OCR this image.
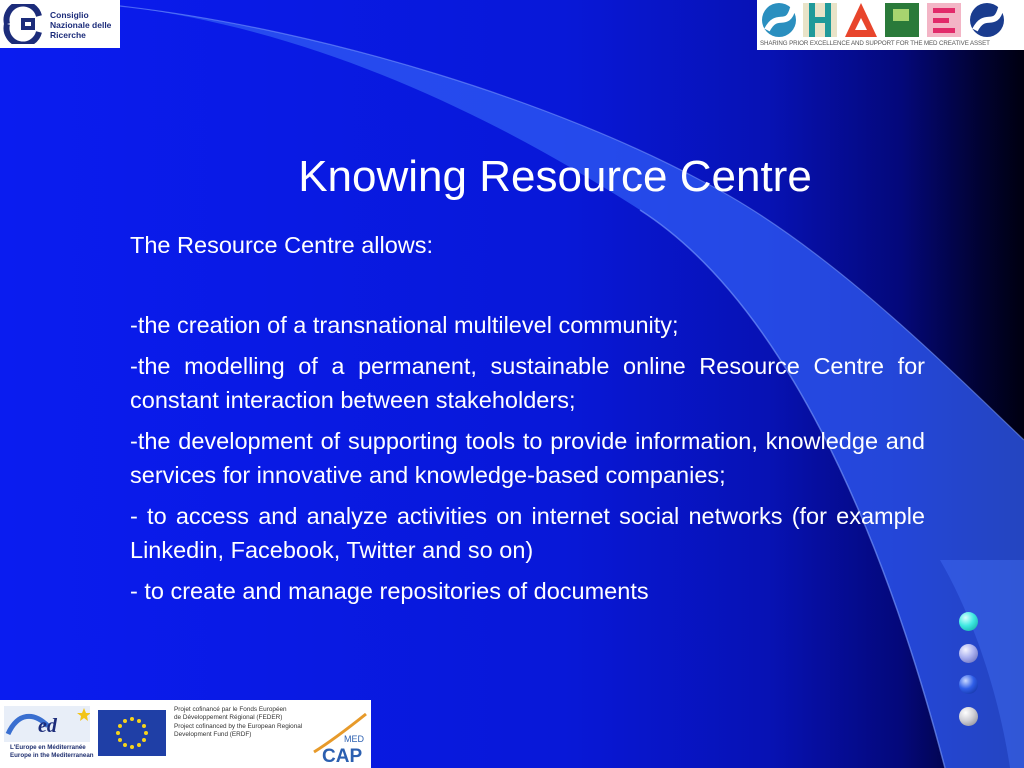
Consiglio
Nazionale delle
Ricerche
SHARING PRIOR EXCELLENCE AND SUPPORT FOR THE MED CREATIVE ASSET
Knowing Resource Centre

The Resource Centre allows:

-the creation of a transnational multilevel community;

-the modelling of a permanent, sustainable online Resource Centre for constant interaction between stakeholders;

-the development of supporting tools to provide information, knowledge and services for innovative and knowledge-based companies;

- to access and analyze activities on internet social networks (for example Linkedin, Facebook, Twitter and so on)

- to create and manage repositories of documents

ed
L'Europe en Méditerranée
Europe in the Mediterranean
Projet cofinancé par le Fonds Européen
de Développement Régional (FEDER)
Project cofinanced by the European Regional
Development Fund (ERDF)	MED
CAP
